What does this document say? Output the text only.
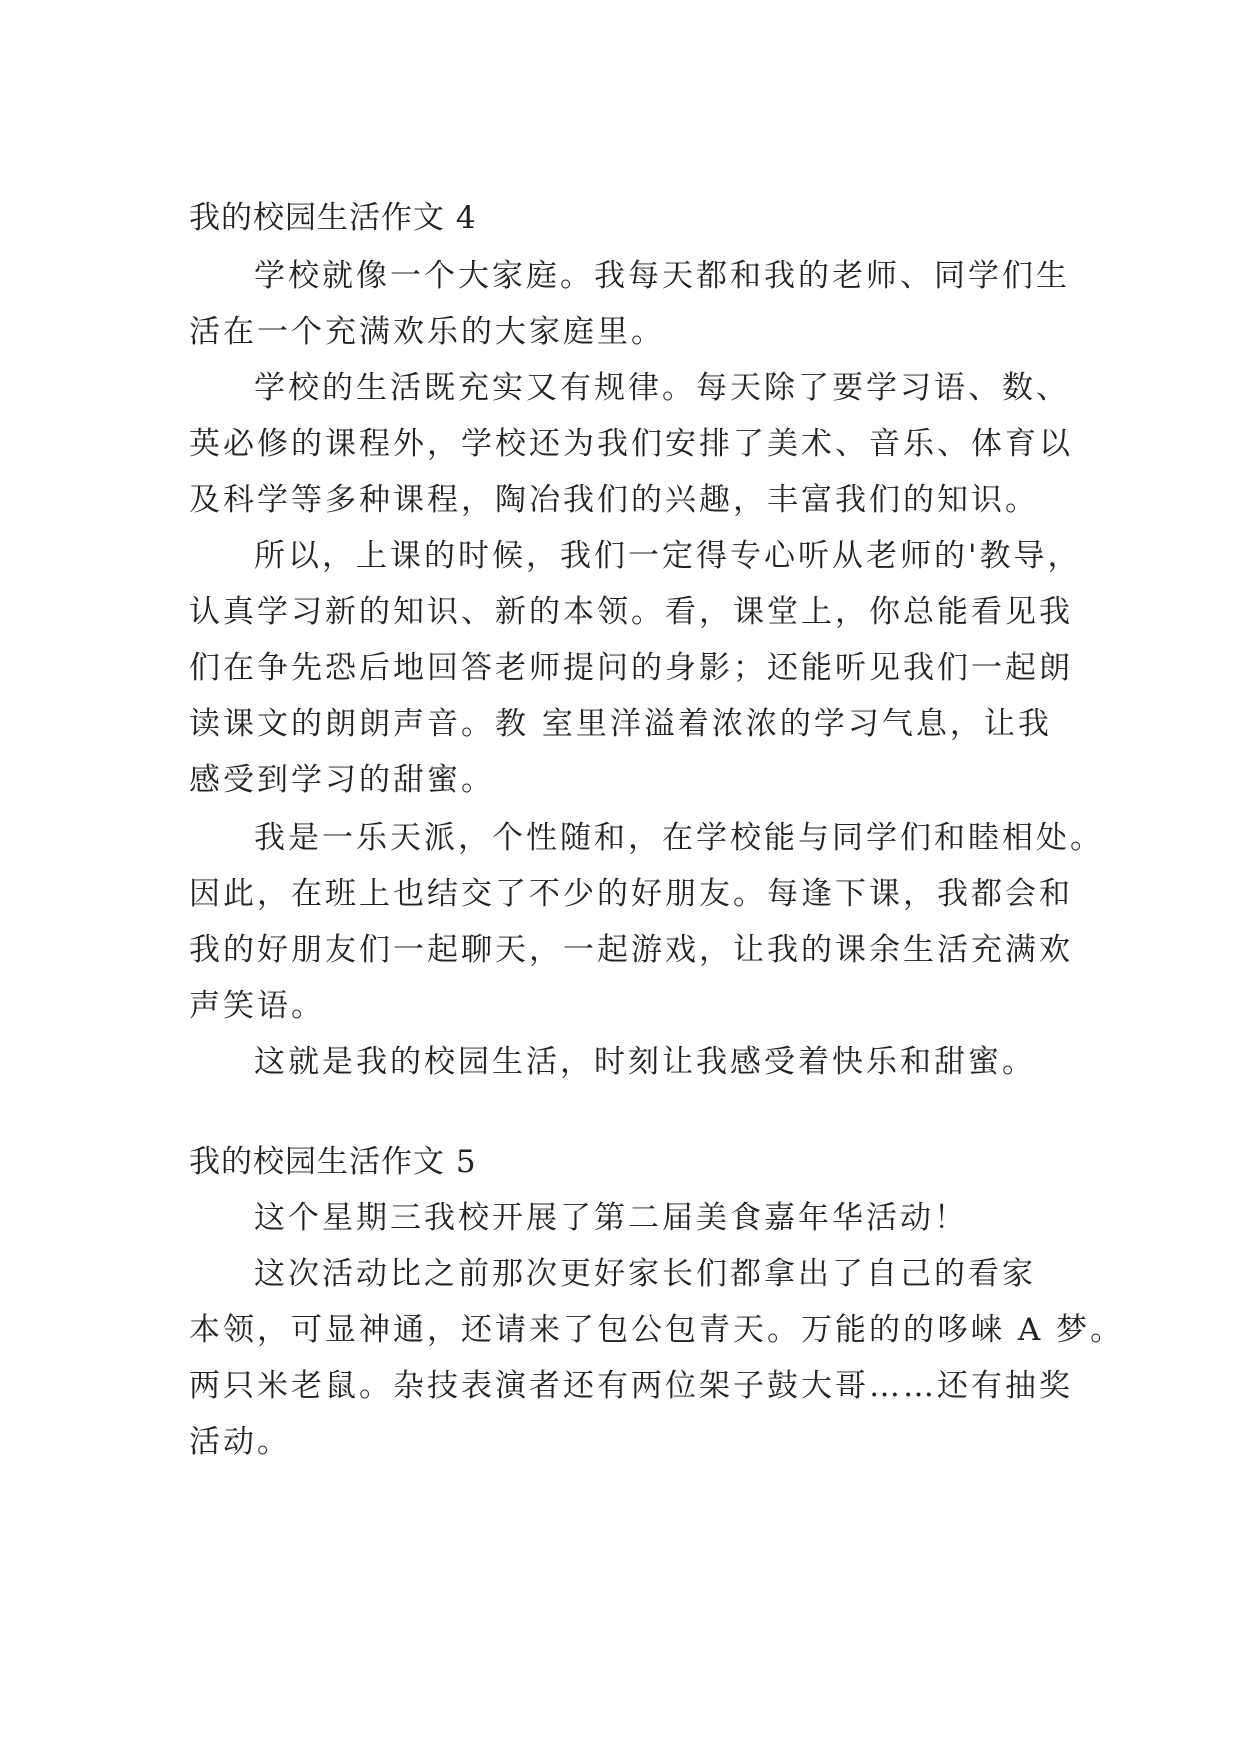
我的校园生活作文 4
学校就像一个大家庭。我每天都和我的老师、同学们生
活在一个充满欢乐的大家庭里。
学校的生活既充实又有规律。每天除了要学习语、数、
英必修的课程外，学校还为我们安排了美术、音乐、体育以
及科学等多种课程，陶冶我们的兴趣，丰富我们的知识。
所以，上课的时候，我们一定得专心听从老师的'教导，
认真学习新的知识、新的本领。看，课堂上，你总能看见我
们在争先恐后地回答老师提问的身影；还能听见我们一起朗
读课文的朗朗声音。教 室里洋溢着浓浓的学习气息，让我
感受到学习的甜蜜。
我是一乐天派，个性随和，在学校能与同学们和睦相处。
因此，在班上也结交了不少的好朋友。每逢下课，我都会和
我的好朋友们一起聊天，一起游戏，让我的课余生活充满欢
声笑语。
这就是我的校园生活，时刻让我感受着快乐和甜蜜。
我的校园生活作文 5
这个星期三我校开展了第二届美食嘉年华活动！
这次活动比之前那次更好家长们都拿出了自己的看家
本领，可显神通，还请来了包公包青天。万能的的哆崃 A 梦。
两只米老鼠。杂技表演者还有两位架子鼓大哥……还有抽奖
活动。
